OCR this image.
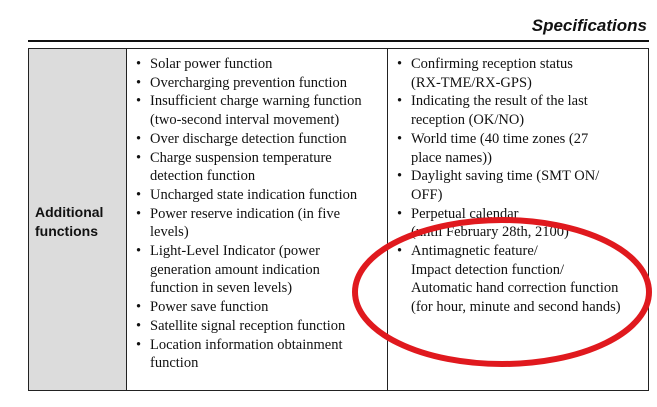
Specifications
Additional
functions
• Solar power function
• Overcharging prevention function
• Insufficient charge warning function
(two-second interval movement)
• Over discharge detection function
• Charge suspension temperature
detection function
• Uncharged state indication function
• Power reserve indication (in five
levels)
• Light-Level Indicator (power
generation amount indication
function in seven levels)
• Power save function
• Satellite signal reception function
• Location information obtainment
function
• Confirming reception status
(RX-TME/RX-GPS)
• Indicating the result of the last
reception (OK/NO)
• World time (40 time zones (27
place names))
• Daylight saving time (SMT ON/
OFF)
• Perpetual calendar
(until February 28th, 2100)
• Antimagnetic feature/
Impact detection function/
Automatic hand correction function
(for hour, minute and second hands)
